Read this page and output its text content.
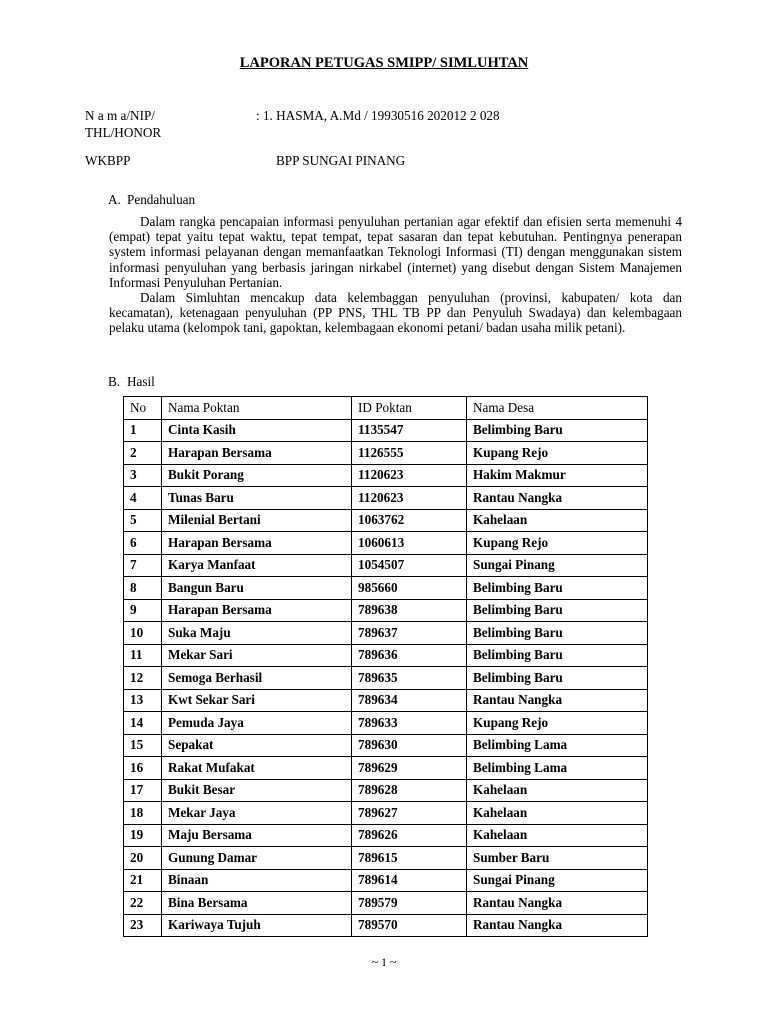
LAPORAN PETUGAS SMIPP/ SIMLUHTAN
N a m a/NIP/
THL/HONOR
: 1. HASMA, A.Md / 19930516 202012 2 028
WKBPP	BPP SUNGAI PINANG
A. Pendahuluan

Dalam rangka pencapaian informasi penyuluhan pertanian agar efektif dan efisien serta memenuhi 4 (empat) tepat yaitu tepat waktu, tepat tempat, tepat sasaran dan tepat kebutuhan. Pentingnya penerapan system informasi pelayanan dengan memanfaatkan Teknologi Informasi (TI) dengan menggunakan sistem informasi penyuluhan yang berbasis jaringan nirkabel (internet) yang disebut dengan Sistem Manajemen Informasi Penyuluhan Pertanian.

Dalam Simluhtan mencakup data kelembaggan penyuluhan (provinsi, kabupaten/ kota dan kecamatan), ketenagaan penyuluhan (PP PNS, THL TB PP dan Penyuluh Swadaya) dan kelembagaan pelaku utama (kelompok tani, gapoktan, kelembagaan ekonomi petani/ badan usaha milik petani).

B. Hasil
No	Nama Poktan	ID Poktan	Nama Desa
1	Cinta Kasih	1135547	Belimbing Baru
2	Harapan Bersama	1126555	Kupang Rejo
3	Bukit Porang	1120623	Hakim Makmur
4	Tunas Baru	1120623	Rantau Nangka
5	Milenial Bertani	1063762	Kahelaan
6	Harapan Bersama	1060613	Kupang Rejo
7	Karya Manfaat	1054507	Sungai Pinang
8	Bangun Baru	985660	Belimbing Baru
9	Harapan Bersama	789638	Belimbing Baru
10	Suka Maju	789637	Belimbing Baru
11	Mekar Sari	789636	Belimbing Baru
12	Semoga Berhasil	789635	Belimbing Baru
13	Kwt Sekar Sari	789634	Rantau Nangka
14	Pemuda Jaya	789633	Kupang Rejo
15	Sepakat	789630	Belimbing Lama
16	Rakat Mufakat	789629	Belimbing Lama
17	Bukit Besar	789628	Kahelaan
18	Mekar Jaya	789627	Kahelaan
19	Maju Bersama	789626	Kahelaan
20	Gunung Damar	789615	Sumber Baru
21	Binaan	789614	Sungai Pinang
22	Bina Bersama	789579	Rantau Nangka
23	Kariwaya Tujuh	789570	Rantau Nangka
~ 1 ~
